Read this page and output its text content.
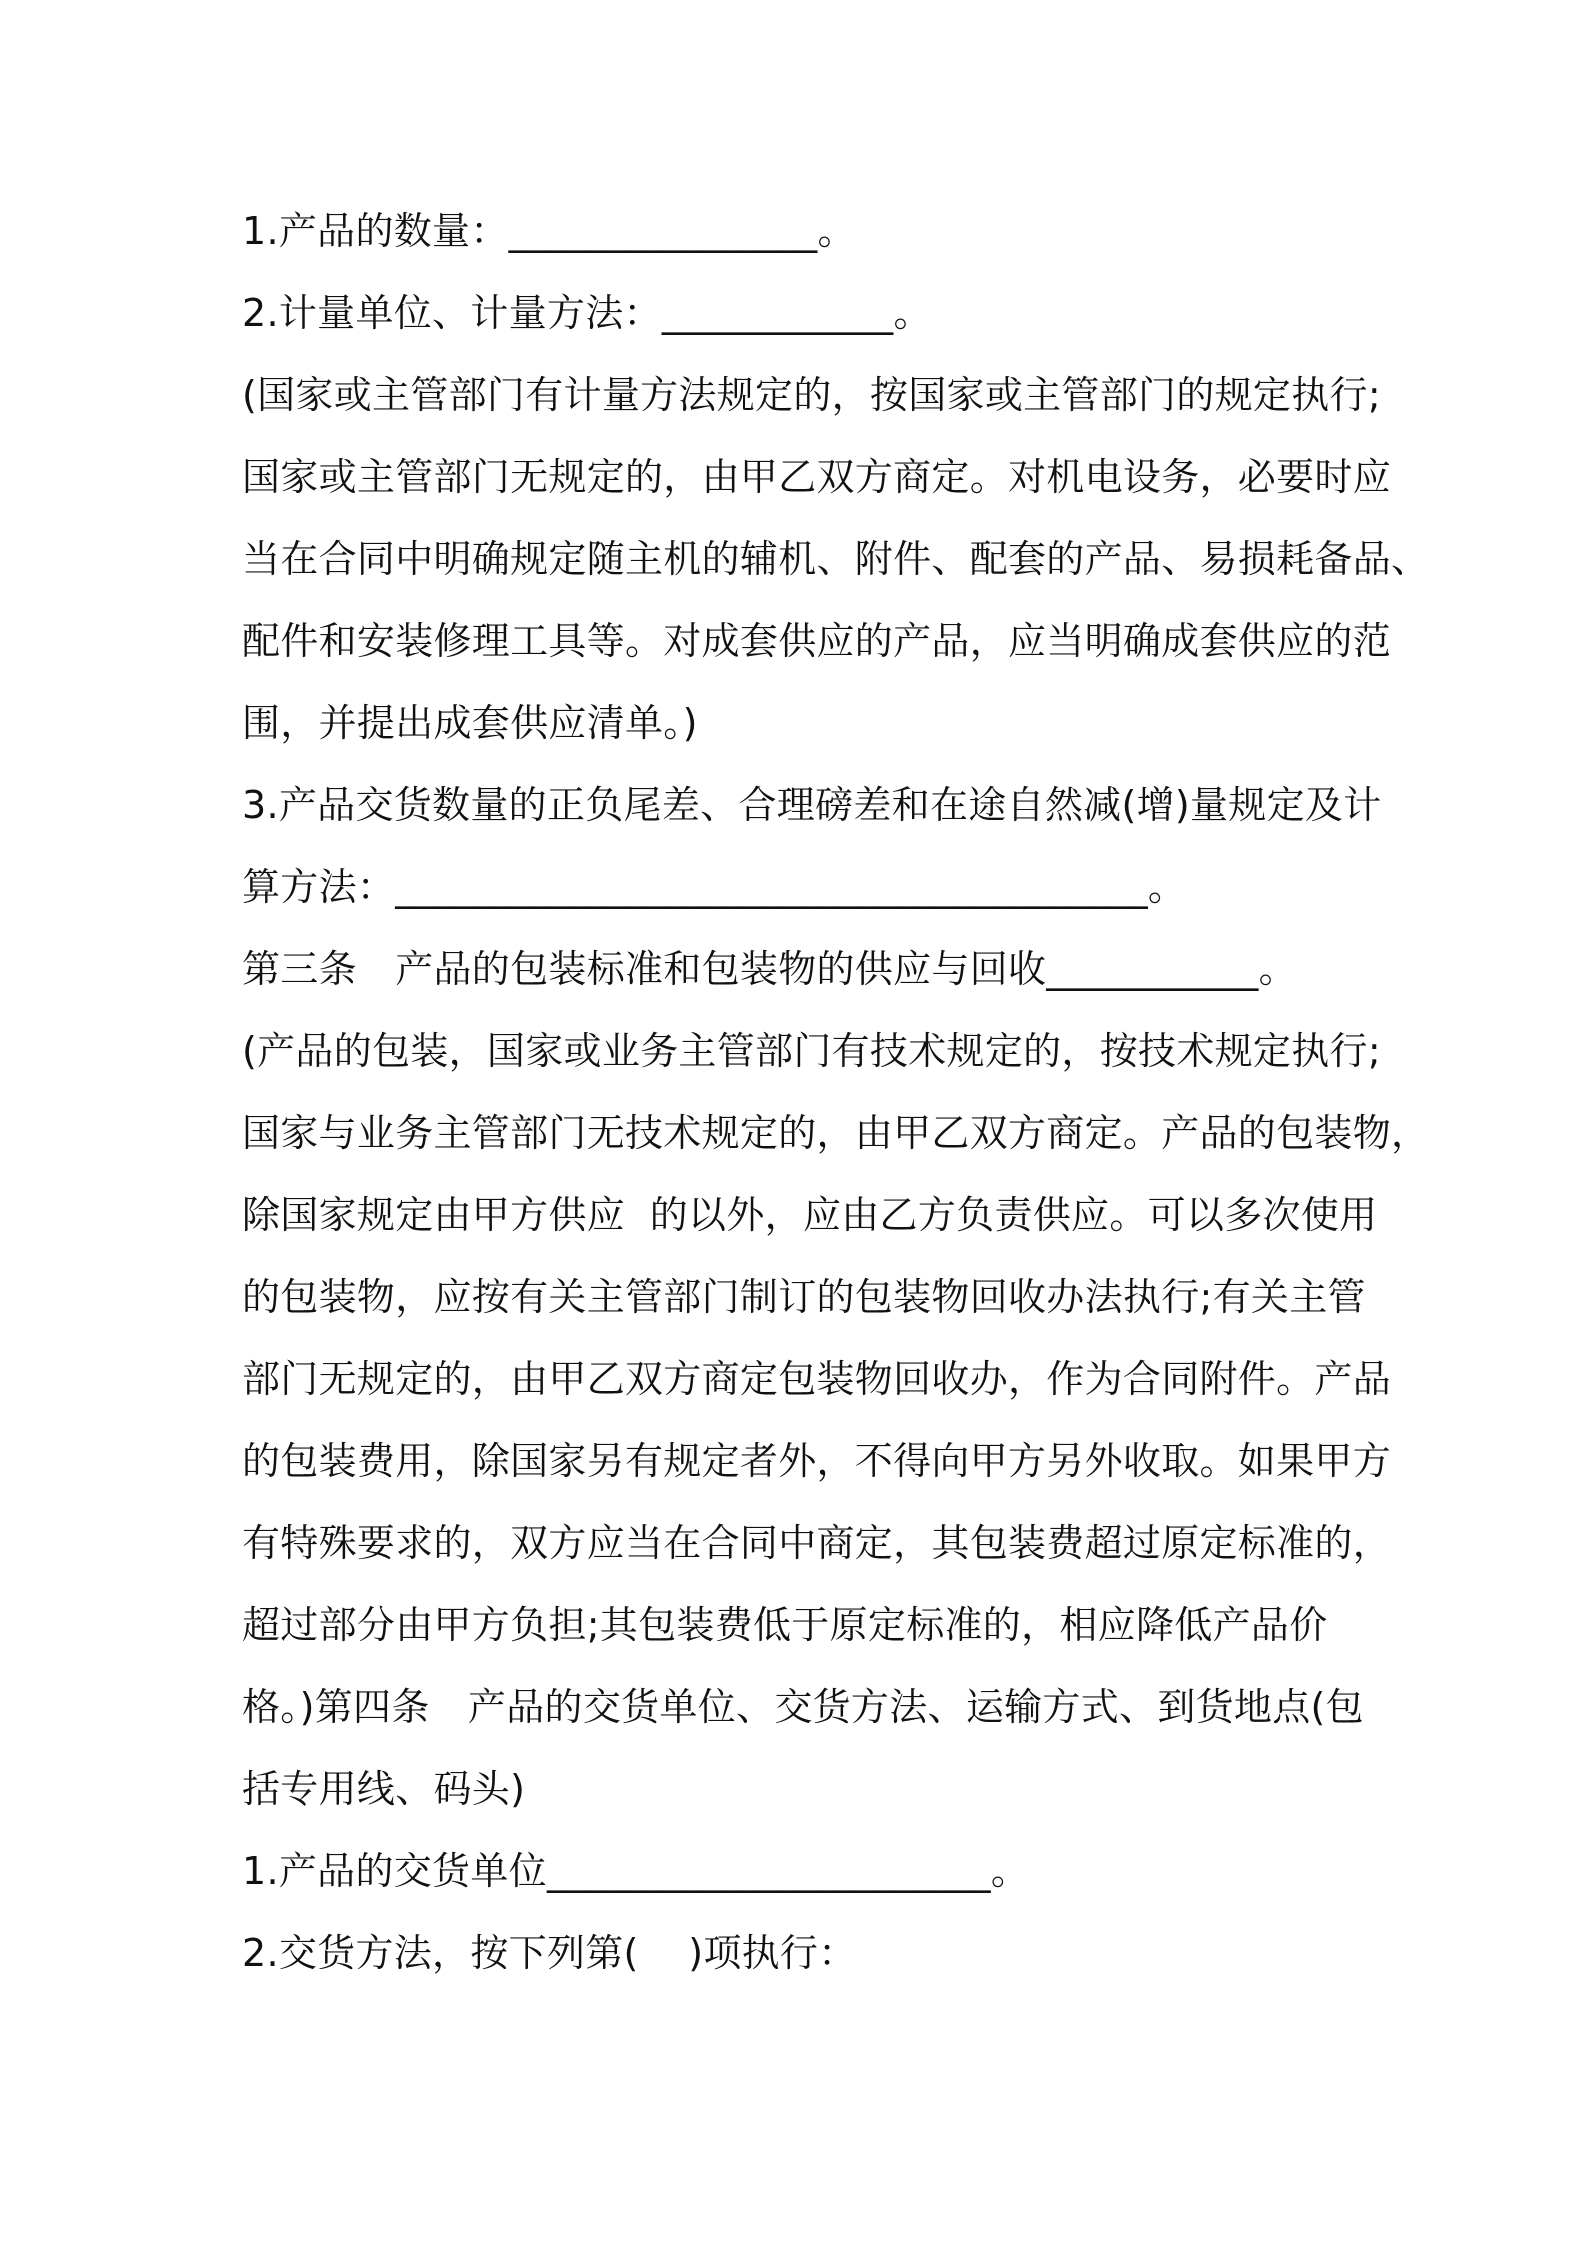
1.产品的数量：________________。

2.计量单位、计量方法：____________。

(国家或主管部门有计量方法规定的，按国家或主管部门的规定执行;

国家或主管部门无规定的，由甲乙双方商定。对机电设务，必要时应

当在合同中明确规定随主机的辅机、附件、配套的产品、易损耗备品、

配件和安装修理工具等。对成套供应的产品，应当明确成套供应的范

围，并提出成套供应清单。)

3.产品交货数量的正负尾差、合理磅差和在途自然减(增)量规定及计

算方法：_______________________________________。

第三条　产品的包装标准和包装物的供应与回收___________。

(产品的包装，国家或业务主管部门有技术规定的，按技术规定执行;

国家与业务主管部门无技术规定的，由甲乙双方商定。产品的包装物，

除国家规定由甲方供应  的以外，应由乙方负责供应。可以多次使用

的包装物，应按有关主管部门制订的包装物回收办法执行;有关主管

部门无规定的，由甲乙双方商定包装物回收办，作为合同附件。产品

的包装费用，除国家另有规定者外，不得向甲方另外收取。如果甲方

有特殊要求的，双方应当在合同中商定，其包装费超过原定标准的，

超过部分由甲方负担;其包装费低于原定标准的，相应降低产品价

格。)第四条　产品的交货单位、交货方法、运输方式、到货地点(包

括专用线、码头)

1.产品的交货单位_______________________。

2.交货方法，按下列第(    )项执行：
